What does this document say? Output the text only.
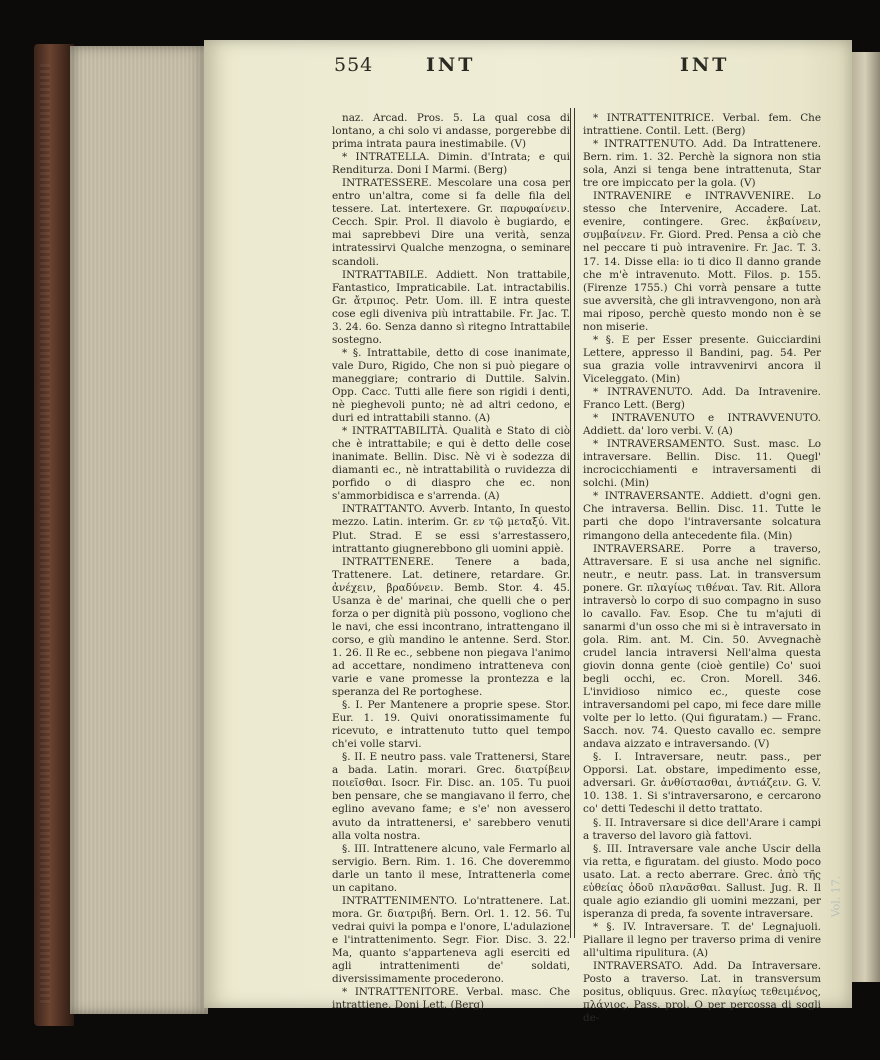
554	INT	INT

naz. Arcad. Pros. 5. La qual cosa di lontano, a chi solo vi andasse, porgerebbe di prima intrata paura inestimabile. (V)

* INTRATELLA. Dimin. d'Intrata; e qui Renditurza. Doni I Marmi. (Berg)

INTRATESSERE. Mescolare una cosa per entro un'altra, come si fa delle fila del tessere. Lat. intertexere. Gr. παρυφαίνειν. Cecch. Spir. Prol. Il diavolo è bugiardo, e mai saprebbevi Dire una verità, senza intratessirvi Qualche menzogna, o seminare scandoli.

INTRATTABILE. Addiett. Non trattabile, Fantastico, Impraticabile. Lat. intractabilis. Gr. ἄτριπος. Petr. Uom. ill. E intra queste cose egli diveniva più intrattabile. Fr. Jac. T. 3. 24. 6o. Senza danno sì ritegno Intrattabile sostegno.

* §. Intrattabile, detto di cose inanimate, vale Duro, Rigido, Che non si può piegare o maneggiare; contrario di Duttile. Salvin. Opp. Cacc. Tutti alle fiere son rigidi i denti, nè pieghevoli punto; nè ad altri cedono, e duri ed intrattabili stanno. (A)

* INTRATTABILITÀ. Qualità e Stato di ciò che è intrattabile; e qui è detto delle cose inanimate. Bellin. Disc. Nè vi è sodezza di diamanti ec., nè intrattabilità o ruvidezza di porfido o di diaspro che ec. non s'ammorbidisca e s'arrenda. (A)

INTRATTANTO. Avverb. Intanto, In questo mezzo. Latin. interim. Gr. εν τῷ μεταξύ. Vit. Plut. Strad. E se essi s'arrestassero, intrattanto giugnerebbono gli uomini appiè.

INTRATTENERE. Tenere a bada, Trattenere. Lat. detinere, retardare. Gr. ἀνέχειν, βραδύνειν. Bemb. Stor. 4. 45. Usanza è de' marinai, che quelli che o per forza o per dignità più possono, vogliono che le navi, che essi incontrano, intrattengano il corso, e giù mandino le antenne. Serd. Stor. 1. 26. Il Re ec., sebbene non piegava l'animo ad accettare, nondimeno intratteneva con varie e vane promesse la prontezza e la speranza del Re portoghese.

§. I. Per Mantenere a proprie spese. Stor. Eur. 1. 19. Quivi onoratissimamente fu ricevuto, e intrattenuto tutto quel tempo ch'ei volle starvi.

§. II. E neutro pass. vale Trattenersi, Stare a bada. Latin. morari. Grec. διατρίβειν ποιεῖσθαι. Isocr. Fir. Disc. an. 105. Tu puoi ben pensare, che se mangiavano il ferro, che eglino avevano fame; e s'e' non avessero avuto da intrattenersi, e' sarebbero venuti alla volta nostra.

§. III. Intrattenere alcuno, vale Fermarlo al servigio. Bern. Rim. 1. 16. Che doveremmo darle un tanto il mese, Intrattenerla come un capitano.

INTRATTENIMENTO. Lo'ntrattenere. Lat. mora. Gr. διατριβή. Bern. Orl. 1. 12. 56. Tu vedrai quivi la pompa e l'onore, L'adulazione e l'intrattenimento. Segr. Fior. Disc. 3. 22. Ma, quanto s'apparteneva agli eserciti ed agli intrattenimenti de' soldati, diversissimamente procederono.

* INTRATTENITORE. Verbal. masc. Che intrattiene. Doni Lett. (Berg)

* INTRATTENITRICE. Verbal. fem. Che intrattiene. Contil. Lett. (Berg)

* INTRATTENUTO. Add. Da Intrattenere. Bern. rim. 1. 32. Perchè la signora non stia sola, Anzi si tenga bene intrattenuta, Star tre ore impiccato per la gola. (V)

INTRAVENIRE e INTRAVVENIRE. Lo stesso che Intervenire, Accadere. Lat. evenire, contingere. Grec. ἐκβαίνειν, συμβαίνειν. Fr. Giord. Pred. Pensa a ciò che nel peccare ti può intravenire. Fr. Jac. T. 3. 17. 14. Disse ella: io ti dico Il danno grande che m'è intravenuto. Mott. Filos. p. 155. (Firenze 1755.) Chi vorrà pensare a tutte sue avversità, che gli intravvengono, non arà mai riposo, perchè questo mondo non è se non miserie.

* §. E per Esser presente. Guicciardini Lettere, appresso il Bandini, pag. 54. Per sua grazia volle intravvenirvi ancora il Viceleggato. (Min)

* INTRAVENUTO. Add. Da Intravenire. Franco Lett. (Berg)

* INTRAVENUTO e INTRAVVENUTO. Addiett. da' loro verbi. V. (A)

* INTRAVERSAMENTO. Sust. masc. Lo intraversare. Bellin. Disc. 11. Quegl' incrocicchiamenti e intraversamenti di solchi. (Min)

* INTRAVERSANTE. Addiett. d'ogni gen. Che intraversa. Bellin. Disc. 11. Tutte le parti che dopo l'intraversante solcatura rimangono della antecedente fila. (Min)

INTRAVERSARE. Porre a traverso, Attraversare. E si usa anche nel signific. neutr., e neutr. pass. Lat. in transversum ponere. Gr. πλαγίως τιθέναι. Tav. Rit. Allora intraversò lo corpo di suo compagno in suso lo cavallo. Fav. Esop. Che tu m'ajuti di sanarmi d'un osso che mi si è intraversato in gola. Rim. ant. M. Cin. 50. Avvegnachè crudel lancia intraversi Nell'alma questa giovin donna gente (cioè gentile) Co' suoi begli occhi, ec. Cron. Morell. 346. L'invidioso nimico ec., queste cose intraversandomi pel capo, mi fece dare mille volte per lo letto. (Qui figuratam.) — Franc. Sacch. nov. 74. Questo cavallo ec. sempre andava aizzato e intraversando. (V)

§. I. Intraversare, neutr. pass., per Opporsi. Lat. obstare, impedimento esse, adversari. Gr. ἀνθίστασθαι, ἀντιάζειν. G. V. 10. 138. 1. Si s'intraversarono, e cercarono co' detti Tedeschi il detto trattato.

§. II. Intraversare si dice dell'Arare i campi a traverso del lavoro già fattovi.

§. III. Intraversare vale anche Uscir della via retta, e figuratam. del giusto. Modo poco usato. Lat. a recto aberrare. Grec. ἀπὸ τῆς εὐθείας ὁδοῦ πλανᾶσθαι. Sallust. Jug. R. Il quale agio eziandio gli uomini mezzani, per isperanza di preda, fa sovente intraversare.

* §. IV. Intraversare. T. de' Legnajuoli. Piallare il legno per traverso prima di venire all'ultima ripulitura. (A)

INTRAVERSATO. Add. Da Intraversare. Posto a traverso. Lat. in transversum positus, obliquus. Grec. πλαγίως τεθειμένος, πλάγιος. Pass. prol. O per percossa di sogli de-

Vol. 17.
